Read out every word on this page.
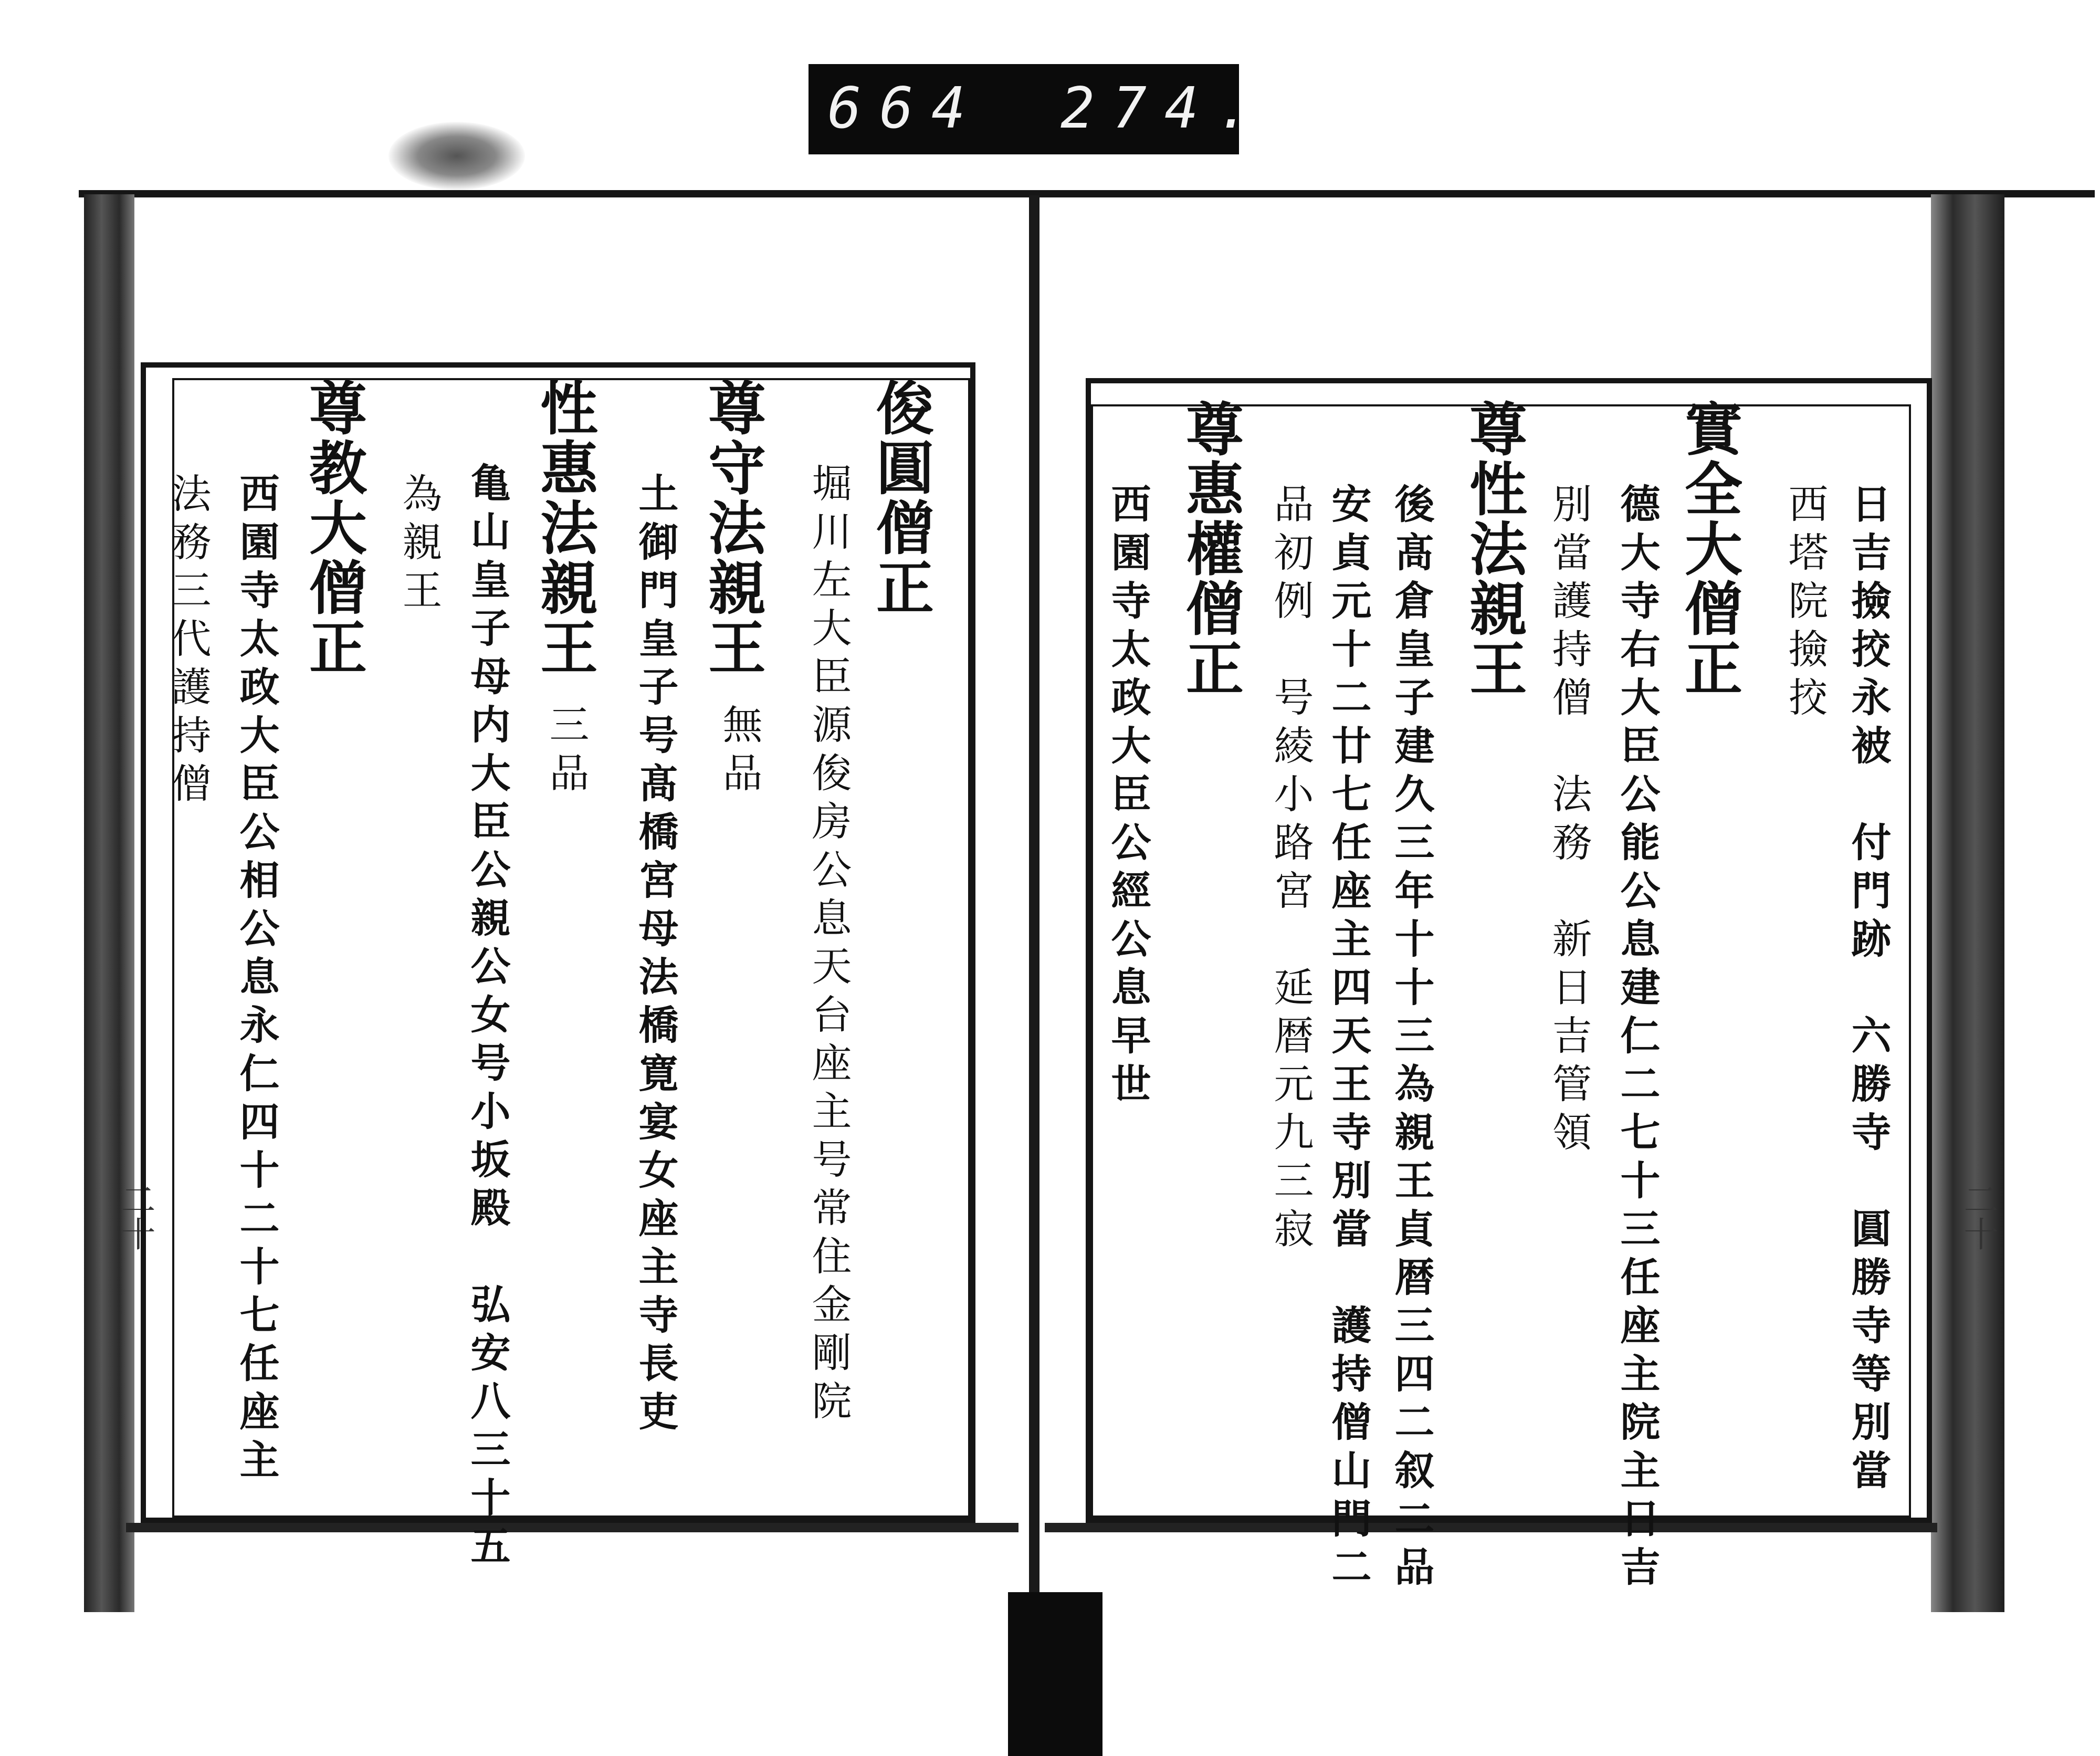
664 274.
二十	二十
俊圓僧正
堀川左大臣源俊房公息天台座主号常住金剛院
尊守法親王
無品
土御門皇子号髙橋宮母法橋寛宴女座主寺長吏
性惠法親王
三品
亀山皇子母内大臣公親公女号小坂殿　弘安八三十五
為親王
尊教大僧正
西園寺太政大臣公相公息永仁四十二十七任座主
法務三代護持僧	日吉撿挍永被　付門跡　六勝寺　圓勝寺等別當
西塔院撿挍
實全大僧正
德大寺右大臣公能公息建仁二七十三任座主院主日吉
別當護持僧　法務　新日吉管領
尊性法親王
後髙倉皇子建久三年十十三為親王貞暦三四二叙二品
安貞元十二廿七任座主四天王寺別當　護持僧山門二
品初例　号綾小路宮　延暦元九三寂
尊惠權僧正
西園寺太政大臣公經公息早世
